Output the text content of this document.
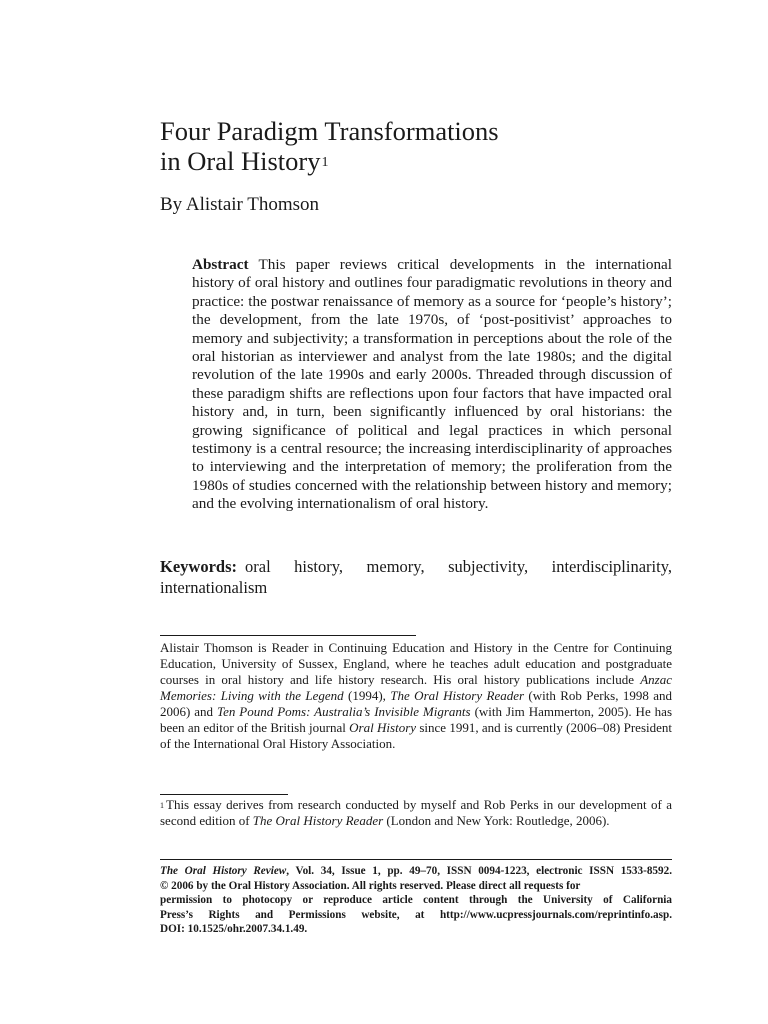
Four Paradigm Transformations
in Oral History$^1$
By Alistair Thomson

Abstract This paper reviews critical developments in the international history of oral history and outlines four paradigmatic revolutions in theory and practice: the postwar renaissance of memory as a source for ‘people’s history’; the development, from the late 1970s, of ‘post-positivist’ approaches to memory and subjectivity; a transformation in perceptions about the role of the oral historian as interviewer and analyst from the late 1980s; and the digital revolution of the late 1990s and early 2000s. Threaded through discussion of these paradigm shifts are reflections upon four factors that have impacted oral history and, in turn, been significantly influenced by oral historians: the growing significance of political and legal practices in which personal testimony is a central resource; the increasing interdisciplinarity of approaches to interviewing and the interpretation of memory; the proliferation from the 1980s of studies concerned with the relationship between history and memory; and the evolving internationalism of oral history.

Keywords: oral history, memory, subjectivity, interdisciplinarity, internationalism

Alistair Thomson is Reader in Continuing Education and History in the Centre for Continuing Education, University of Sussex, England, where he teaches adult education and postgraduate courses in oral history and life history research. His oral history publications include Anzac Memories: Living with the Legend (1994), The Oral History Reader (with Rob Perks, 1998 and 2006) and Ten Pound Poms: Australia’s Invisible Migrants (with Jim Hammerton, 2005). He has been an editor of the British journal Oral History since 1991, and is currently (2006–08) President of the International Oral History Association.

$^1$ This essay derives from research conducted by myself and Rob Perks in our development of a second edition of The Oral History Reader (London and New York: Routledge, 2006).

The Oral History Review, Vol. 34, Issue 1, pp. 49–70, ISSN 0094-1223, electronic ISSN 1533-8592.
© 2006 by the Oral History Association. All rights reserved. Please direct all requests for
permission to photocopy or reproduce article content through the University of California
Press’s Rights and Permissions website, at http://www.ucpressjournals.com/reprintinfo.asp.
DOI: 10.1525/ohr.2007.34.1.49.
